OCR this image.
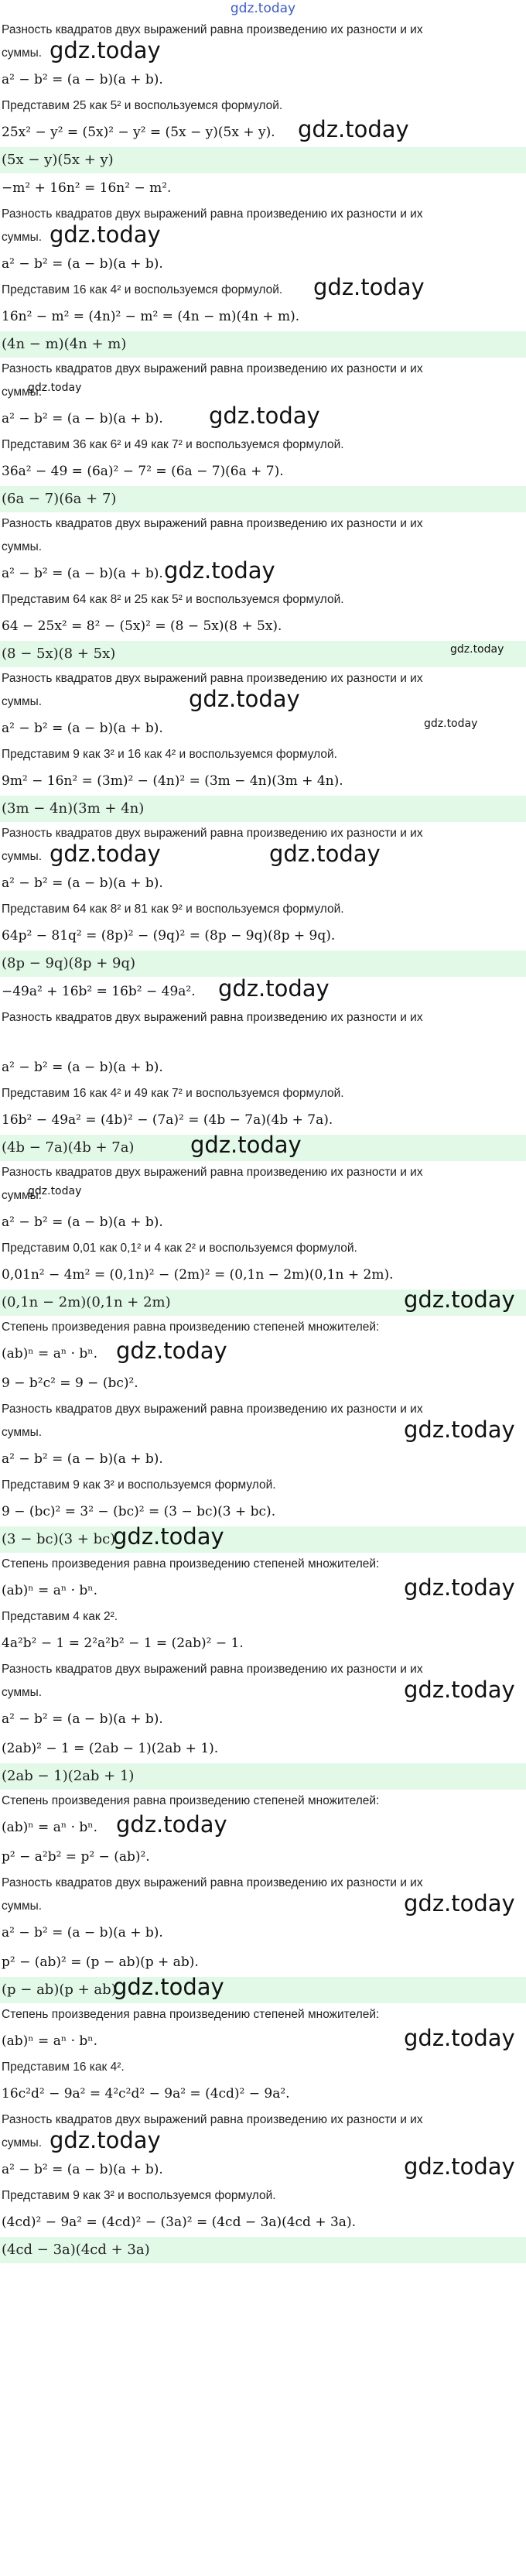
gdz.today
Разность квадратов двух выражений равна произведению их разности и их
суммы. gdz.today
a² − b² = (a − b)(a + b).
Представим 25 как 5² и воспользуемся формулой.
25x² − y² = (5x)² − y² = (5x − y)(5x + y). gdz.today
(5x − y)(5x + y)
−m² + 16n² = 16n² − m².
Разность квадратов двух выражений равна произведению их разности и их
суммы. gdz.today
a² − b² = (a − b)(a + b).
Представим 16 как 4² и воспользуемся формулой. gdz.today
16n² − m² = (4n)² − m² = (4n − m)(4n + m).
(4n − m)(4n + m)
Разность квадратов двух выражений равна произведению их разности и их
суммы.
gdz.today
a² − b² = (a − b)(a + b). gdz.today
Представим 36 как 6² и 49 как 7² и воспользуемся формулой.
36a² − 49 = (6a)² − 7² = (6a − 7)(6a + 7).
(6a − 7)(6a + 7)
Разность квадратов двух выражений равна произведению их разности и их
суммы.
a² − b² = (a − b)(a + b). gdz.today
Представим 64 как 8² и 25 как 5² и воспользуемся формулой.
64 − 25x² = 8² − (5x)² = (8 − 5x)(8 + 5x).
(8 − 5x)(8 + 5x)	gdz.today
Разность квадратов двух выражений равна произведению их разности и их
суммы.	gdz.today
a² − b² = (a − b)(a + b).	gdz.today
Представим 9 как 3² и 16 как 4² и воспользуемся формулой.
9m² − 16n² = (3m)² − (4n)² = (3m − 4n)(3m + 4n).
(3m − 4n)(3m + 4n)
Разность квадратов двух выражений равна произведению их разности и их
суммы. gdz.today	gdz.today
a² − b² = (a − b)(a + b).
Представим 64 как 8² и 81 как 9² и воспользуемся формулой.
64p² − 81q² = (8p)² − (9q)² = (8p − 9q)(8p + 9q).
(8p − 9q)(8p + 9q)
−49a² + 16b² = 16b² − 49a². gdz.today
Разность квадратов двух выражений равна произведению их разности и их
a² − b² = (a − b)(a + b).
Представим 16 как 4² и 49 как 7² и воспользуемся формулой.
16b² − 49a² = (4b)² − (7a)² = (4b − 7a)(4b + 7a).
(4b − 7a)(4b + 7a)	gdz.today
Разность квадратов двух выражений равна произведению их разности и их
суммы.
gdz.today
a² − b² = (a − b)(a + b).
Представим 0,01 как 0,1² и 4 как 2² и воспользуемся формулой.
0,01n² − 4m² = (0,1n)² − (2m)² = (0,1n − 2m)(0,1n + 2m).
(0,1n − 2m)(0,1n + 2m)	gdz.today
Степень произведения равна произведению степеней множителей:
(ab)ⁿ = aⁿ · bⁿ. gdz.today
9 − b²c² = 9 − (bc)².
Разность квадратов двух выражений равна произведению их разности и их
суммы.	gdz.today
a² − b² = (a − b)(a + b).
Представим 9 как 3² и воспользуемся формулой.
9 − (bc)² = 3² − (bc)² = (3 − bc)(3 + bc).
(3 − bc)(3 + bc)
gdz.today
Степень произведения равна произведению степеней множителей:
(ab)ⁿ = aⁿ · bⁿ.	gdz.today
Представим 4 как 2².
4a²b² − 1 = 2²a²b² − 1 = (2ab)² − 1.
Разность квадратов двух выражений равна произведению их разности и их
суммы.	gdz.today
a² − b² = (a − b)(a + b).
(2ab)² − 1 = (2ab − 1)(2ab + 1).
(2ab − 1)(2ab + 1)
Степень произведения равна произведению степеней множителей:
(ab)ⁿ = aⁿ · bⁿ. gdz.today
p² − a²b² = p² − (ab)².
Разность квадратов двух выражений равна произведению их разности и их
суммы.	gdz.today
a² − b² = (a − b)(a + b).
p² − (ab)² = (p − ab)(p + ab).
(p − ab)(p + ab)
gdz.today
Степень произведения равна произведению степеней множителей:
(ab)ⁿ = aⁿ · bⁿ.	gdz.today
Представим 16 как 4².
16c²d² − 9a² = 4²c²d² − 9a² = (4cd)² − 9a².
Разность квадратов двух выражений равна произведению их разности и их
суммы. gdz.today
a² − b² = (a − b)(a + b).	gdz.today
Представим 9 как 3² и воспользуемся формулой.
(4cd)² − 9a² = (4cd)² − (3a)² = (4cd − 3a)(4cd + 3a).
(4cd − 3a)(4cd + 3a)
